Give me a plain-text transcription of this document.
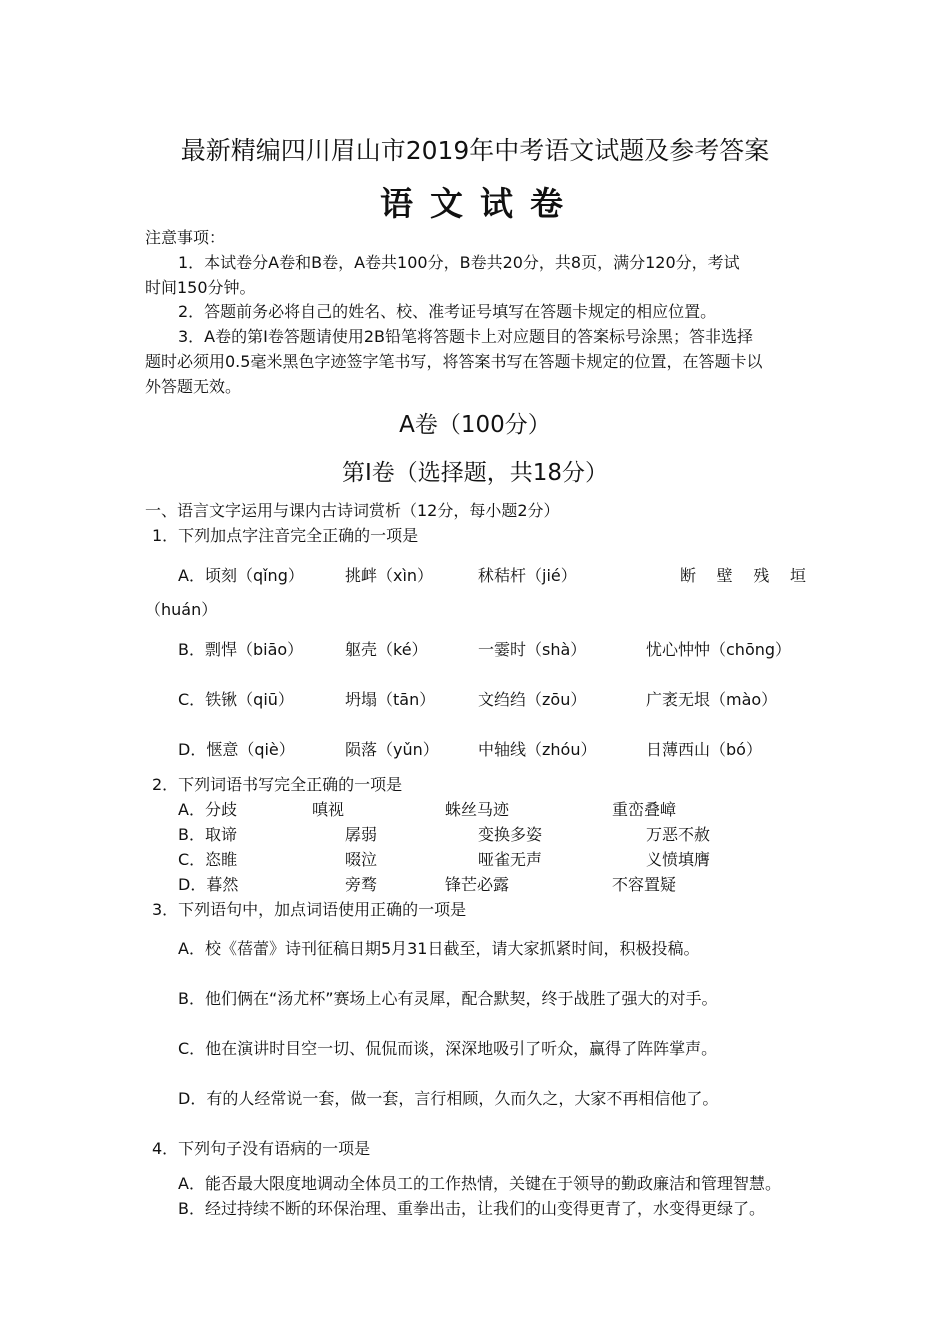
最新精编四川眉山市2019年中考语文试题及参考答案
语文试卷
注意事项：
1．本试卷分A卷和B卷，A卷共100分，B卷共20分，共8页，满分120分，考试
时间150分钟。
2．答题前务必将自己的姓名、校、准考证号填写在答题卡规定的相应位置。
3．A卷的第Ⅰ卷答题请使用2B铅笔将答题卡上对应题目的答案标号涂黑；答非选择
题时必须用0.5毫米黑色字迹签字笔书写，将答案书写在答题卡规定的位置，在答题卡以
外答题无效。
A卷（100分）
第I卷（选择题，共18分）
一、语言文字运用与课内古诗词赏析（12分，每小题2分）
1．下列加点字注音完全正确的一项是
A．顷刻（qǐng）	挑衅（xìn）	秫秸杆（jié）	断 壁 残 垣
（huán）
B．剽悍（biāo）	躯壳（ké）	一霎时（shà）	忧心忡忡（chōng）
C．铁锹（qiū）	坍塌（tān）	文绉绉（zōu）	广袤无垠（mào）
D．惬意（qiè）	陨落（yǔn） 中轴线（zhóu）	日薄西山（bó）
2．下列词语书写完全正确的一项是
A．分歧	嗔视	蛛丝马迹	重峦叠嶂
B．取谛	孱弱	变换多姿	万恶不赦
C．恣睢	啜泣	哑雀无声	义愤填膺
D．暮然	旁骛	锋芒必露	不容置疑
3．下列语句中，加点词语使用正确的一项是
A．校《蓓蕾》诗刊征稿日期5月31日截至，请大家抓紧时间，积极投稿。
B．他们俩在“汤尤杯”赛场上心有灵犀，配合默契，终于战胜了强大的对手。
C．他在演讲时目空一切、侃侃而谈，深深地吸引了听众，赢得了阵阵掌声。
D．有的人经常说一套，做一套，言行相顾，久而久之，大家不再相信他了。
4．下列句子没有语病的一项是
A．能否最大限度地调动全体员工的工作热情，关键在于领导的勤政廉洁和管理智慧。
B．经过持续不断的环保治理、重拳出击，让我们的山变得更青了，水变得更绿了。
